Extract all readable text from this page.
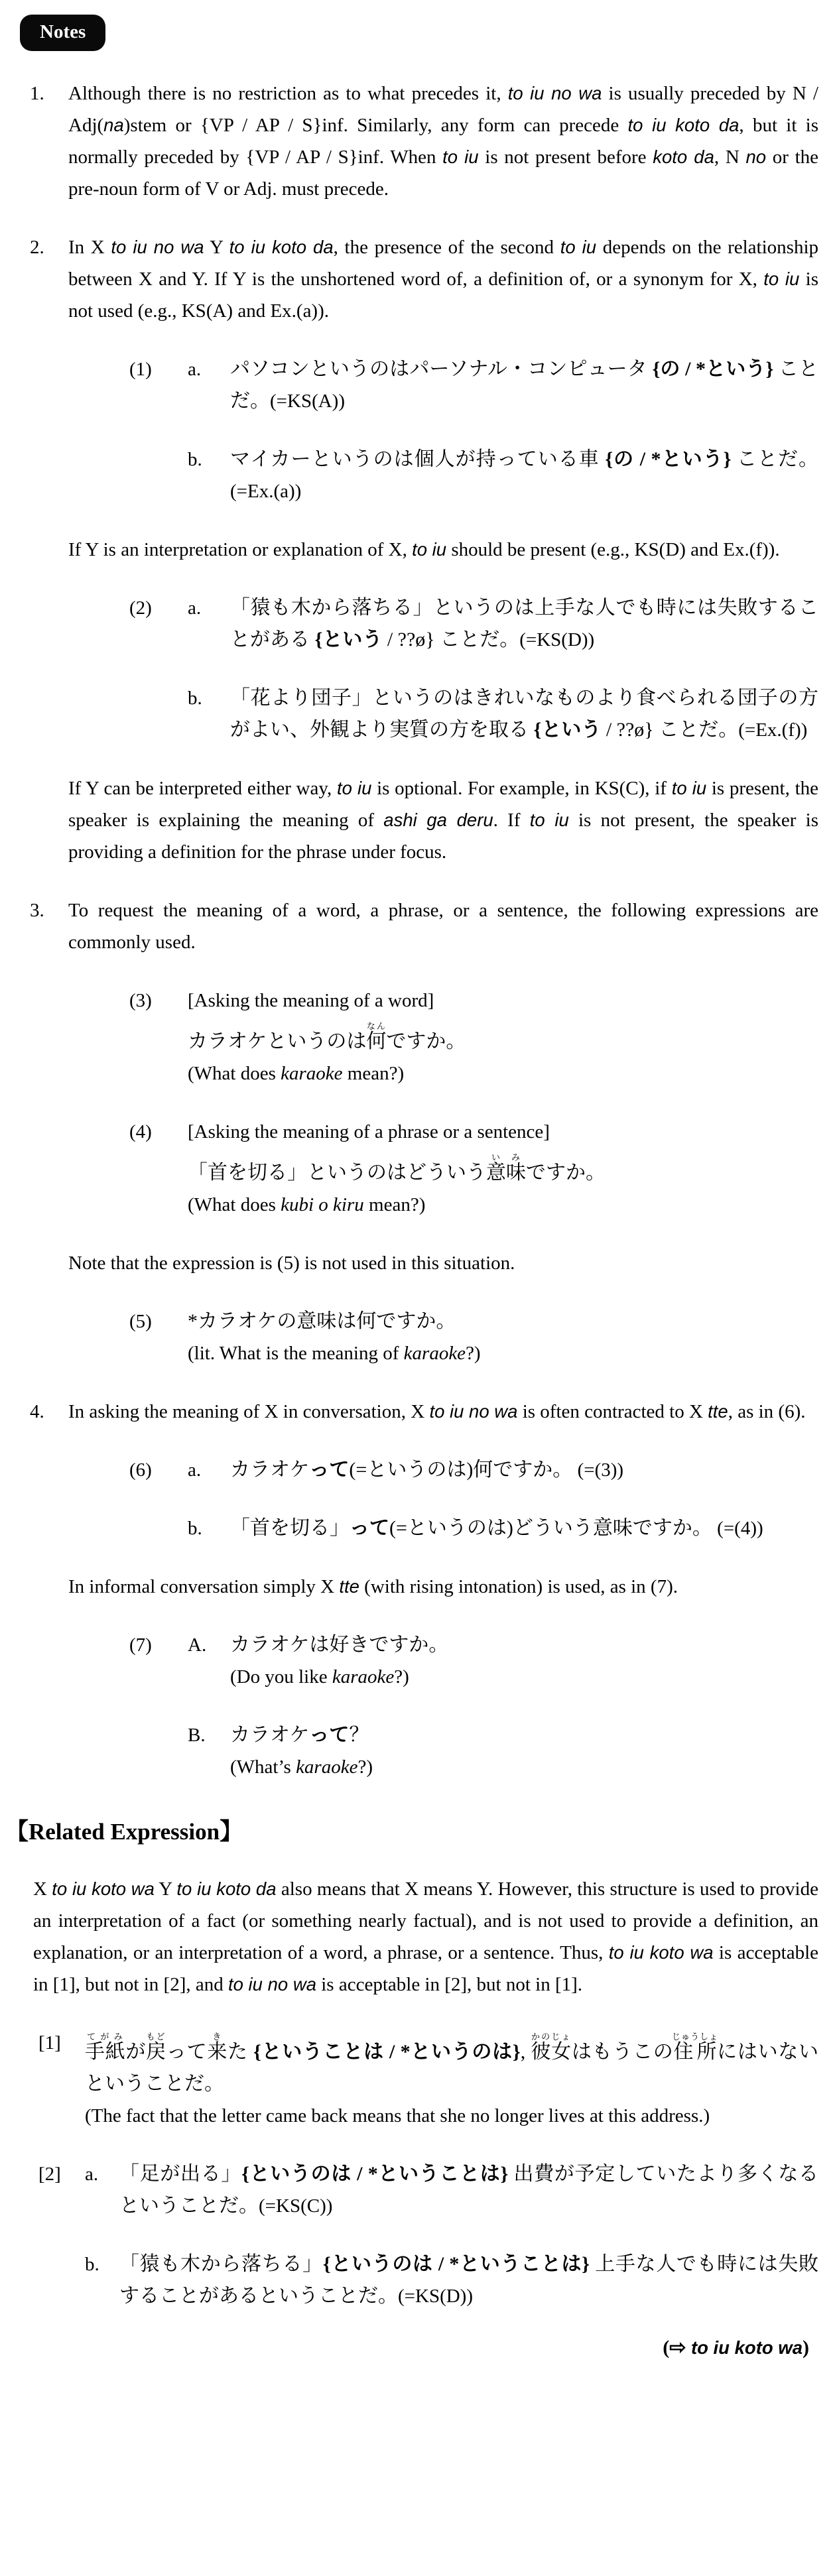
Notes
1.	Although there is no restriction as to what precedes it, to iu no wa is usually preceded by N / Adj(na)stem or {VP / AP / S}inf. Similarly, any form can precede to iu koto da, but it is normally preceded by {VP / AP / S}inf. When to iu is not present before koto da, N no or the pre-noun form of V or Adj. must precede.
2.	In X to iu no wa Y to iu koto da, the presence of the second to iu depends on the relationship between X and Y. If Y is the unshortened word of, a definition of, or a synonym for X, to iu is not used (e.g., KS(A) and Ex.(a)).
(1)	a.	パソコンというのはパーソナル・コンピュータ {の / *という} ことだ。(=KS(A))
b.	マイカーというのは個人が持っている車 {の / *という} ことだ。(=Ex.(a))
If Y is an interpretation or explanation of X, to iu should be present (e.g., KS(D) and Ex.(f)).
(2)	a.	「猿も木から落ちる」というのは上手な人でも時には失敗することがある {という / ??ø} ことだ。(=KS(D))
b.	「花より団子」というのはきれいなものより食べられる団子の方がよい、外観より実質の方を取る {という / ??ø} ことだ。(=Ex.(f))
If Y can be interpreted either way, to iu is optional. For example, in KS(C), if to iu is present, the speaker is explaining the meaning of ashi ga deru. If to iu is not present, the speaker is providing a definition for the phrase under focus.
3.	To request the meaning of a word, a phrase, or a sentence, the following expressions are commonly used.
(3)	[Asking the meaning of a word]
カラオケというのは何なんですか。
(What does karaoke mean?)
(4)	[Asking the meaning of a phrase or a sentence]
「首を切る」というのはどういう意味いみですか。
(What does kubi o kiru mean?)
Note that the expression is (5) is not used in this situation.
(5)	*カラオケの意味は何ですか。
(lit. What is the meaning of karaoke?)
4.	In asking the meaning of X in conversation, X to iu no wa is often contracted to X tte, as in (6).
(6)	a.	カラオケって(=というのは)何ですか。 (=(3))
b.	「首を切る」って(=というのは)どういう意味ですか。 (=(4))
In informal conversation simply X tte (with rising intonation) is used, as in (7).
(7)	A.	カラオケは好きですか。
(Do you like karaoke?)
B.	カラオケって？
(What’s karaoke?)
【Related Expression】
X to iu koto wa Y to iu koto da also means that X means Y. However, this structure is used to provide an interpretation of a fact (or something nearly factual), and is not used to provide a definition, an explanation, or an interpretation of a word, a phrase, or a sentence. Thus, to iu koto wa is acceptable in [1], but not in [2], and to iu no wa is acceptable in [2], but not in [1].
[1]	手紙てがみが戻もどって来きた {ということは / *というのは}, 彼女かのじょはもうこの住所じゅうしょにはいないということだ。
(The fact that the letter came back means that she no longer lives at this address.)
[2]	a.	「足が出る」{というのは / *ということは} 出費が予定していたより多くなるということだ。(=KS(C))
b.	「猿も木から落ちる」{というのは / *ということは} 上手な人でも時には失敗することがあるということだ。(=KS(D))
(⇨ to iu koto wa)
